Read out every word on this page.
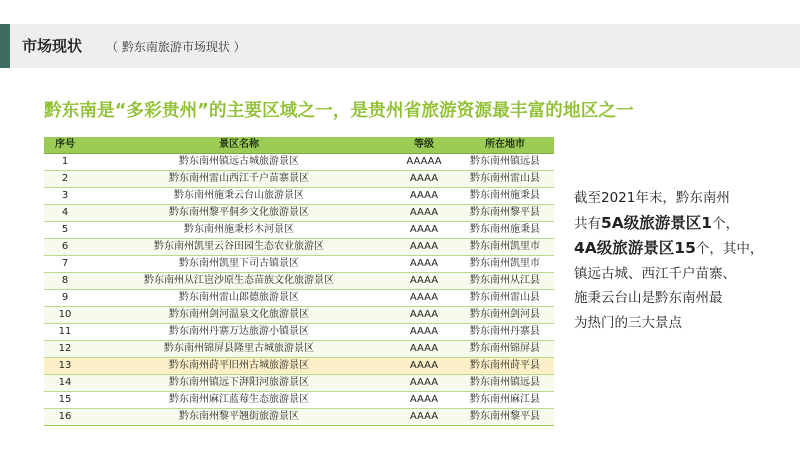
市场现状 （ 黔东南旅游市场现状 ）
黔东南是“多彩贵州”的主要区域之一，是贵州省旅游资源最丰富的地区之一
序号	景区名称	等级	所在地市
1	黔东南州镇远古城旅游景区	AAAAA	黔东南州镇远县
2	黔东南州雷山西江千户苗寨景区	AAAA	黔东南州雷山县
3	黔东南州施秉云台山旅游景区	AAAA	黔东南州施秉县
4	黔东南州黎平侗乡文化旅游景区	AAAA	黔东南州黎平县
5	黔东南州施秉杉木河景区	AAAA	黔东南州施秉县
6	黔东南州凯里云谷田园生态农业旅游区	AAAA	黔东南州凯里市
7	黔东南州凯里下司古镇景区	AAAA	黔东南州凯里市
8	黔东南州从江岜沙原生态苗族文化旅游景区	AAAA	黔东南州从江县
9	黔东南州雷山郎德旅游景区	AAAA	黔东南州雷山县
10	黔东南州剑河温泉文化旅游景区	AAAA	黔东南州剑河县
11	黔东南州丹寨万达旅游小镇景区	AAAA	黔东南州丹寨县
12	黔东南州锦屏县隆里古城旅游景区	AAAA	黔东南州锦屏县
13	黔东南州莳平旧州古城旅游景区	AAAA	黔东南州莳平县
14	黔东南州镇远下湃阳河旅游景区	AAAA	黔东南州镇远县
15	黔东南州麻江蓝莓生态旅游景区	AAAA	黔东南州麻江县
16	黔东南州黎平翘街旅游景区	AAAA	黔东南州黎平县
截至2021年末，黔东南州
共有5A级旅游景区1个，
4A级旅游景区15个，其中，
镇远古城、西江千户苗寨、
施秉云台山是黔东南州最
为热门的三大景点
